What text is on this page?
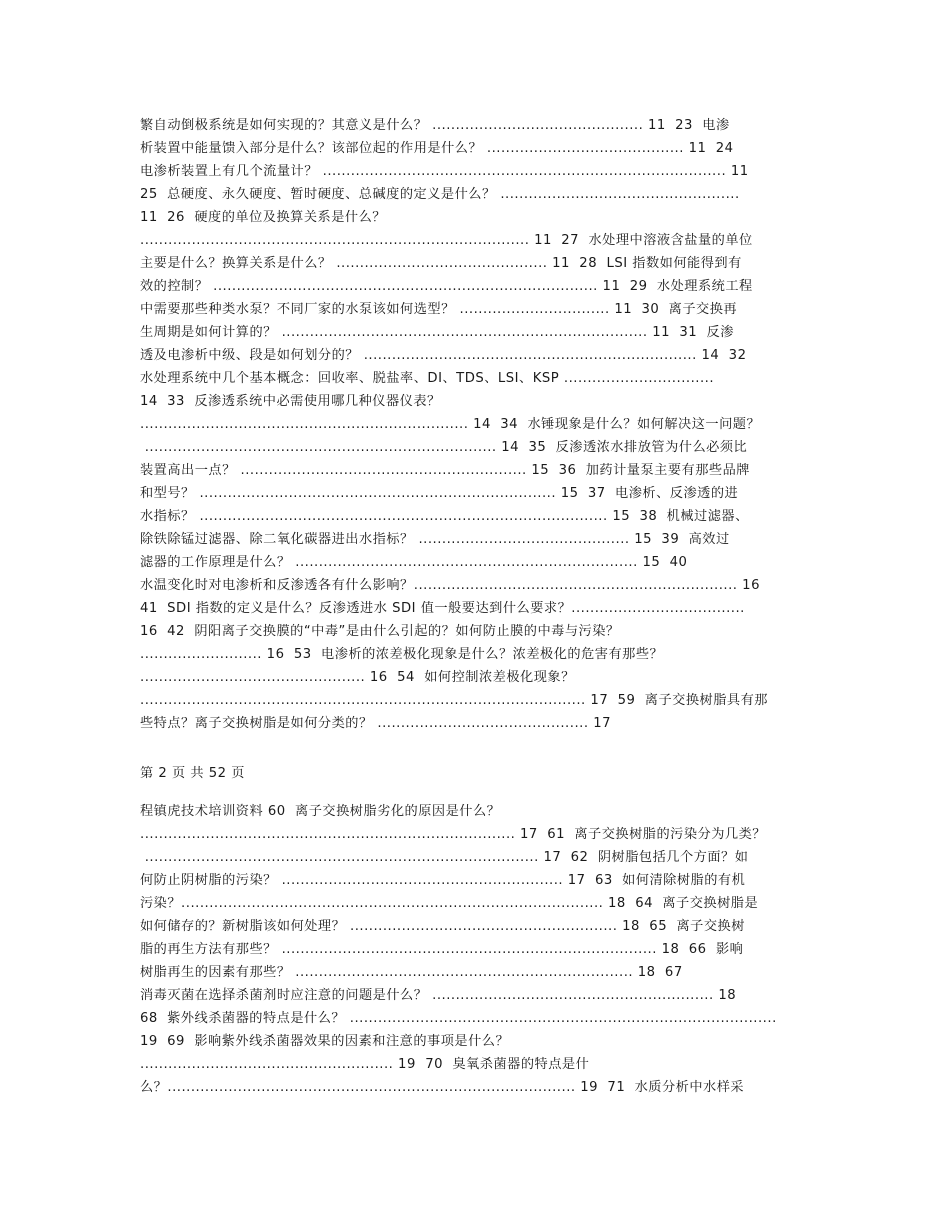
繁自动倒极系统是如何实现的？其意义是什么？ ............................................. 11  23  电渗
析装置中能量馈入部分是什么？该部位起的作用是什么？ .......................................... 11  24
电渗析装置上有几个流量计？ ...................................................................................... 11
25  总硬度、永久硬度、暂时硬度、总碱度的定义是什么？ ...................................................
11  26  硬度的单位及换算关系是什么？
................................................................................... 11  27  水处理中溶液含盐量的单位
主要是什么？换算关系是什么？ ............................................. 11  28  LSI 指数如何能得到有
效的控制？ .................................................................................. 11  29  水处理系统工程
中需要那些种类水泵？不同厂家的水泵该如何选型？ ................................ 11  30  离子交换再
生周期是如何计算的？ .............................................................................. 11  31  反渗
透及电渗析中级、段是如何划分的？ ....................................................................... 14  32
水处理系统中几个基本概念：回收率、脱盐率、DI、TDS、LSI、KSP ................................
14  33  反渗透系统中必需使用哪几种仪器仪表？
...................................................................... 14  34  水锤现象是什么？如何解决这一问题？
........................................................................... 14  35  反渗透浓水排放管为什么必须比
装置高出一点？ ............................................................. 15  36  加药计量泵主要有那些品牌
和型号？ ............................................................................ 15  37  电渗析、反渗透的进
水指标？ ....................................................................................... 15  38  机械过滤器、
除铁除锰过滤器、除二氧化碳器进出水指标？ ............................................. 15  39  高效过
滤器的工作原理是什么？ ......................................................................... 15  40
水温变化时对电渗析和反渗透各有什么影响？..................................................................... 16
41  SDI 指数的定义是什么？反渗透进水 SDI 值一般要达到什么要求？.....................................
16  42  阴阳离子交换膜的“中毒”是由什么引起的？如何防止膜的中毒与污染？
.......................... 16  53  电渗析的浓差极化现象是什么？浓差极化的危害有那些？
................................................ 16  54  如何控制浓差极化现象？
............................................................................................... 17  59  离子交换树脂具有那
些特点？离子交换树脂是如何分类的？ ............................................. 17
第 2 页 共 52 页
程镇虎技术培训资料 60  离子交换树脂劣化的原因是什么？
................................................................................ 17  61  离子交换树脂的污染分为几类？
.................................................................................... 17  62  阴树脂包括几个方面？如
何防止阴树脂的污染？ ............................................................ 17  63  如何清除树脂的有机
污染？.......................................................................................... 18  64  离子交换树脂是
如何储存的？新树脂该如何处理？ ......................................................... 18  65  离子交换树
脂的再生方法有那些？ ................................................................................ 18  66  影响
树脂再生的因素有那些？ ........................................................................ 18  67
消毒灭菌在选择杀菌剂时应注意的问题是什么？ ............................................................ 18
68  紫外线杀菌器的特点是什么？ ...........................................................................................
19  69  影响紫外线杀菌器效果的因素和注意的事项是什么？
...................................................... 19  70  臭氧杀菌器的特点是什
么？....................................................................................... 19  71  水质分析中水样采
